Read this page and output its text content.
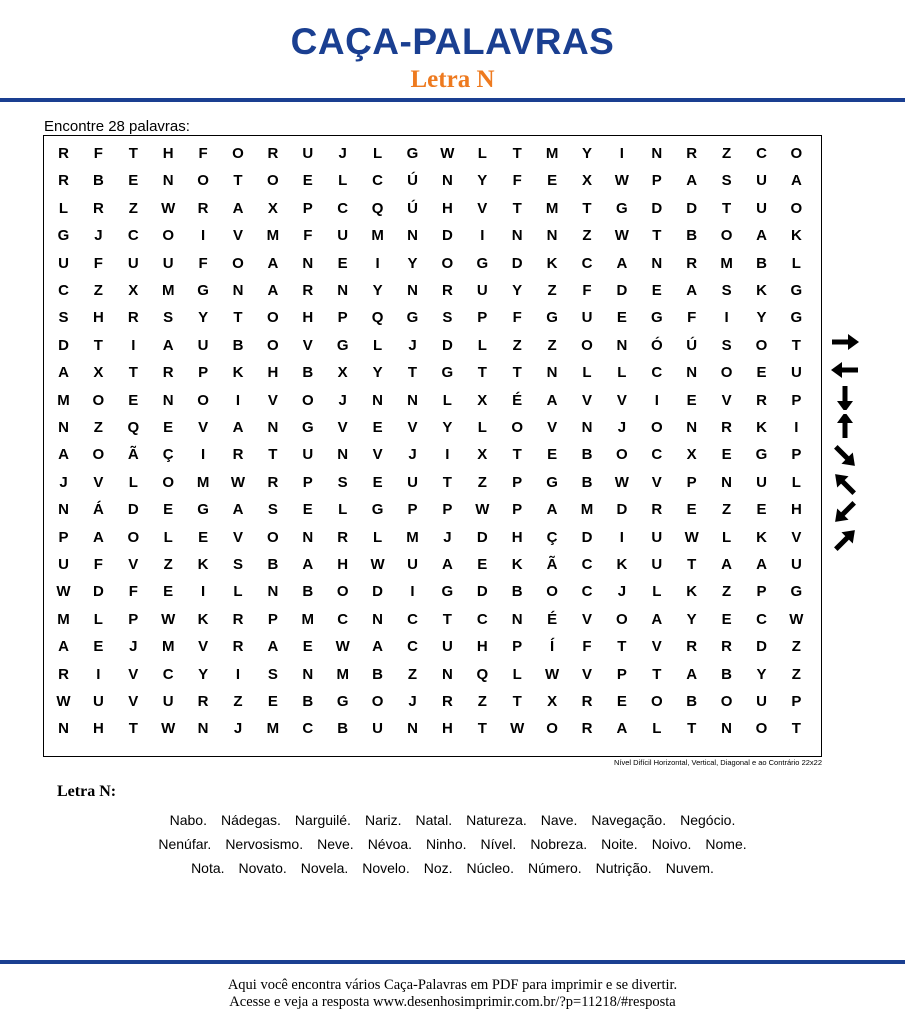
CAÇA-PALAVRAS
Letra N
Encontre 28 palavras:
R	F	T	H	F	O	R	U	J	L	G	W	L	T	M	Y	I	N	R	Z	C	O
R	B	E	N	O	T	O	E	L	C	Ú	N	Y	F	E	X	W	P	A	S	U	A
L	R	Z	W	R	A	X	P	C	Q	Ú	H	V	T	M	T	G	D	D	T	U	O
G	J	C	O	I	V	M	F	U	M	N	D	I	N	N	Z	W	T	B	O	A	K
U	F	U	U	F	O	A	N	E	I	Y	O	G	D	K	C	A	N	R	M	B	L
C	Z	X	M	G	N	A	R	N	Y	N	R	U	Y	Z	F	D	E	A	S	K	G
S	H	R	S	Y	T	O	H	P	Q	G	S	P	F	G	U	E	G	F	I	Y	G
D	T	I	A	U	B	O	V	G	L	J	D	L	Z	Z	O	N	Ó	Ú	S	O	T
A	X	T	R	P	K	H	B	X	Y	T	G	T	T	N	L	L	C	N	O	E	U
M	O	E	N	O	I	V	O	J	N	N	L	X	É	A	V	V	I	E	V	R	P
N	Z	Q	E	V	A	N	G	V	E	V	Y	L	O	V	N	J	O	N	R	K	I
A	O	Ã	Ç	I	R	T	U	N	V	J	I	X	T	E	B	O	C	X	E	G	P
J	V	L	O	M	W	R	P	S	E	U	T	Z	P	G	B	W	V	P	N	U	L
N	Á	D	E	G	A	S	E	L	G	P	P	W	P	A	M	D	R	E	Z	E	H
P	A	O	L	E	V	O	N	R	L	M	J	D	H	Ç	D	I	U	W	L	K	V
U	F	V	Z	K	S	B	A	H	W	U	A	E	K	Ã	C	K	U	T	A	A	U
W	D	F	E	I	L	N	B	O	D	I	G	D	B	O	C	J	L	K	Z	P	G
M	L	P	W	K	R	P	M	C	N	C	T	C	N	É	V	O	A	Y	E	C	W
A	E	J	M	V	R	A	E	W	A	C	U	H	P	Í	F	T	V	R	R	D	Z
R	I	V	C	Y	I	S	N	M	B	Z	N	Q	L	W	V	P	T	A	B	Y	Z
W	U	V	U	R	Z	E	B	G	O	J	R	Z	T	X	R	E	O	B	O	U	P
N	H	T	W	N	J	M	C	B	U	N	H	T	W	O	R	A	L	T	N	O	T
Nível Difícil Horizontal, Vertical, Diagonal e ao Contrário 22x22
Letra N:
Nabo. Nádegas. Narguilé. Nariz. Natal. Natureza. Nave. Navegação. Negócio.
Nenúfar. Nervosismo. Neve. Névoa. Ninho. Nível. Nobreza. Noite. Noivo. Nome.
Nota. Novato. Novela. Novelo. Noz. Núcleo. Número. Nutrição. Nuvem.
Aqui você encontra vários Caça-Palavras em PDF para imprimir e se divertir.
Acesse e veja a resposta www.desenhosimprimir.com.br/?p=11218/#resposta
